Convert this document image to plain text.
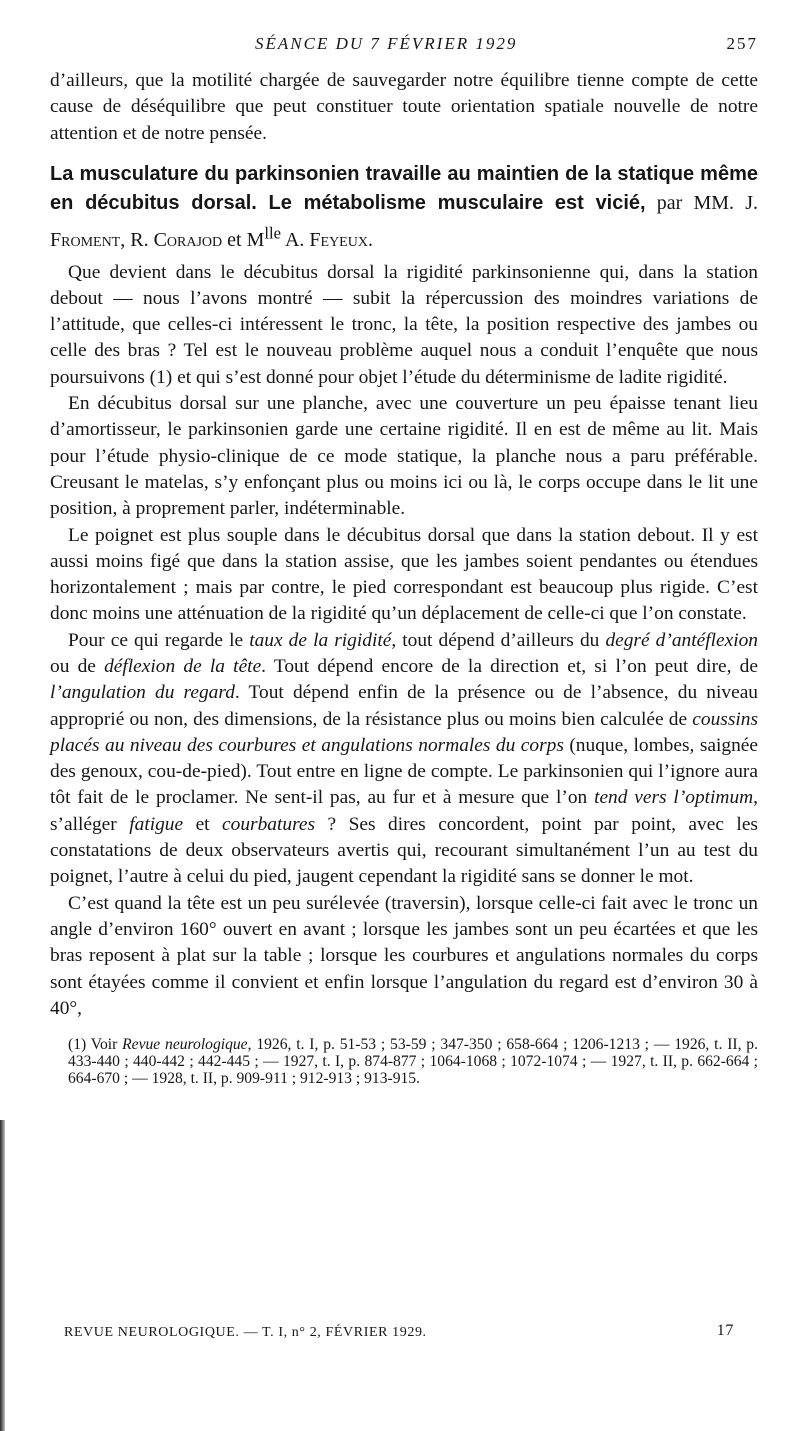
SÉANCE DU 7 FÉVRIER 1929	257

d’ailleurs, que la motilité chargée de sauvegarder notre équilibre tienne compte de cette cause de déséquilibre que peut constituer toute orientation spatiale nouvelle de notre attention et de notre pensée.

La musculature du parkinsonien travaille au maintien de la statique même en décubitus dorsal. Le métabolisme musculaire est vicié, par MM. J. Froment, R. Corajod et $M^{lle}$ A. Feyeux.

Que devient dans le décubitus dorsal la rigidité parkinsonienne qui, dans la station debout — nous l’avons montré — subit la répercussion des moindres variations de l’attitude, que celles-ci intéressent le tronc, la tête, la position respective des jambes ou celle des bras ? Tel est le nouveau problème auquel nous a conduit l’enquête que nous poursuivons (1) et qui s’est donné pour objet l’étude du déterminisme de ladite rigidité.

En décubitus dorsal sur une planche, avec une couverture un peu épaisse tenant lieu d’amortisseur, le parkinsonien garde une certaine rigidité. Il en est de même au lit. Mais pour l’étude physio-clinique de ce mode statique, la planche nous a paru préférable. Creusant le matelas, s’y enfonçant plus ou moins ici ou là, le corps occupe dans le lit une position, à proprement parler, indéterminable.

Le poignet est plus souple dans le décubitus dorsal que dans la station debout. Il y est aussi moins figé que dans la station assise, que les jambes soient pendantes ou étendues horizontalement ; mais par contre, le pied correspondant est beaucoup plus rigide. C’est donc moins une atténuation de la rigidité qu’un déplacement de celle-ci que l’on constate.

Pour ce qui regarde le taux de la rigidité, tout dépend d’ailleurs du degré d’antéflexion ou de déflexion de la tête. Tout dépend encore de la direction et, si l’on peut dire, de l’angulation du regard. Tout dépend enfin de la présence ou de l’absence, du niveau approprié ou non, des dimensions, de la résistance plus ou moins bien calculée de coussins placés au niveau des courbures et angulations normales du corps (nuque, lombes, saignée des genoux, cou-de-pied). Tout entre en ligne de compte. Le parkinsonien qui l’ignore aura tôt fait de le proclamer. Ne sent-il pas, au fur et à mesure que l’on tend vers l’optimum, s’alléger fatigue et courbatures ? Ses dires concordent, point par point, avec les constatations de deux observateurs avertis qui, recourant simultanément l’un au test du poignet, l’autre à celui du pied, jaugent cependant la rigidité sans se donner le mot.

C’est quand la tête est un peu surélevée (traversin), lorsque celle-ci fait avec le tronc un angle d’environ 160° ouvert en avant ; lorsque les jambes sont un peu écartées et que les bras reposent à plat sur la table ; lorsque les courbures et angulations normales du corps sont étayées comme il convient et enfin lorsque l’angulation du regard est d’environ 30 à 40°,

(1) Voir Revue neurologique, 1926, t. I, p. 51-53 ; 53-59 ; 347-350 ; 658-664 ; 1206-1213 ; — 1926, t. II, p. 433-440 ; 440-442 ; 442-445 ; — 1927, t. I, p. 874-877 ; 1064-1068 ; 1072-1074 ; — 1927, t. II, p. 662-664 ; 664-670 ; — 1928, t. II, p. 909-911 ; 912-913 ; 913-915.
REVUE NEUROLOGIQUE. — T. I, n° 2, FÉVRIER 1929.	17
